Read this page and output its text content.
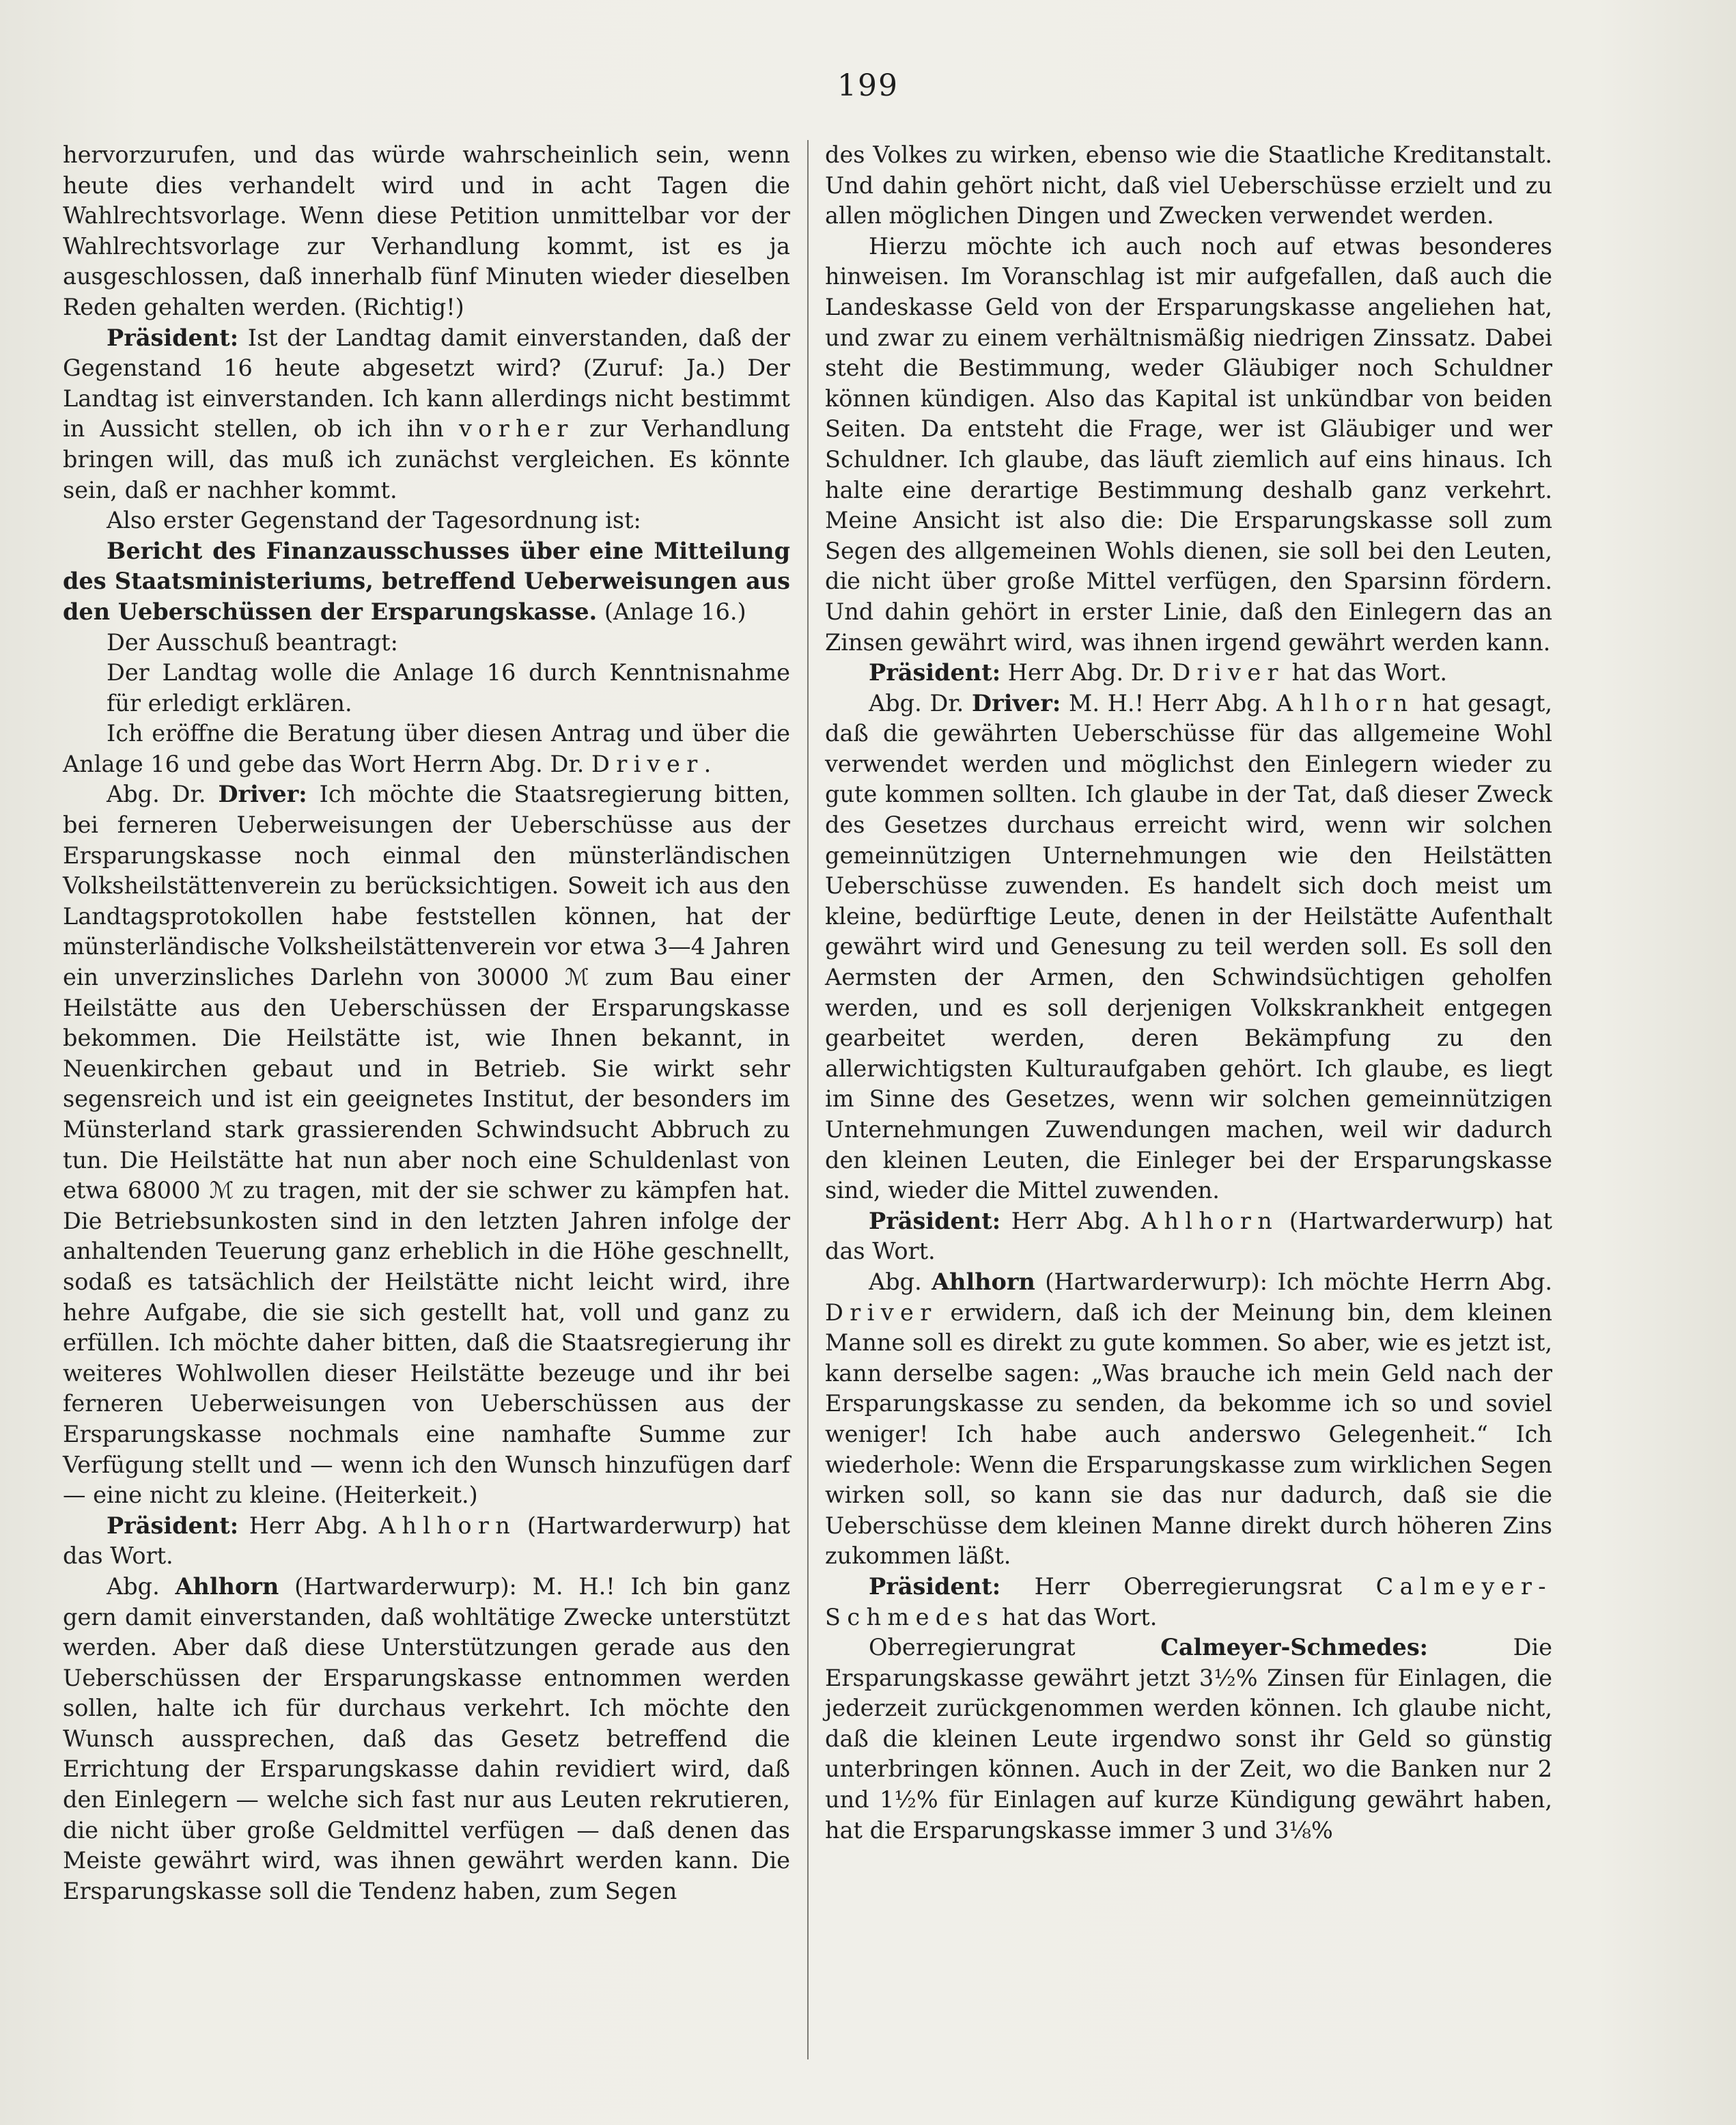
199

hervorzurufen, und das würde wahrscheinlich sein, wenn heute dies verhandelt wird und in acht Tagen die Wahlrechtsvorlage. Wenn diese Petition unmittelbar vor der Wahlrechtsvorlage zur Verhandlung kommt, ist es ja ausgeschlossen, daß innerhalb fünf Minuten wieder dieselben Reden gehalten werden. (Richtig!)

Präsident: Ist der Landtag damit einverstanden, daß der Gegenstand 16 heute abgesetzt wird? (Zuruf: Ja.) Der Landtag ist einverstanden. Ich kann allerdings nicht bestimmt in Aussicht stellen, ob ich ihn vorher zur Verhandlung bringen will, das muß ich zunächst vergleichen. Es könnte sein, daß er nachher kommt.

Also erster Gegenstand der Tagesordnung ist:

Bericht des Finanzausschusses über eine Mitteilung des Staatsministeriums, betreffend Ueberweisungen aus den Ueberschüssen der Ersparungskasse. (Anlage 16.)

Der Ausschuß beantragt:

Der Landtag wolle die Anlage 16 durch Kenntnisnahme für erledigt erklären.

Ich eröffne die Beratung über diesen Antrag und über die Anlage 16 und gebe das Wort Herrn Abg. Dr. Driver.

Abg. Dr. Driver: Ich möchte die Staatsregierung bitten, bei ferneren Ueberweisungen der Ueberschüsse aus der Ersparungskasse noch einmal den münsterländischen Volksheilstättenverein zu berücksichtigen. Soweit ich aus den Landtagsprotokollen habe feststellen können, hat der münsterländische Volksheilstättenverein vor etwa 3—4 Jahren ein unverzinsliches Darlehn von 30000 ℳ zum Bau einer Heilstätte aus den Ueberschüssen der Ersparungskasse bekommen. Die Heilstätte ist, wie Ihnen bekannt, in Neuenkirchen gebaut und in Betrieb. Sie wirkt sehr segensreich und ist ein geeignetes Institut, der besonders im Münsterland stark grassierenden Schwindsucht Abbruch zu tun. Die Heilstätte hat nun aber noch eine Schuldenlast von etwa 68000 ℳ zu tragen, mit der sie schwer zu kämpfen hat. Die Betriebsunkosten sind in den letzten Jahren infolge der anhaltenden Teuerung ganz erheblich in die Höhe geschnellt, sodaß es tatsächlich der Heilstätte nicht leicht wird, ihre hehre Aufgabe, die sie sich gestellt hat, voll und ganz zu erfüllen. Ich möchte daher bitten, daß die Staatsregierung ihr weiteres Wohlwollen dieser Heilstätte bezeuge und ihr bei ferneren Ueberweisungen von Ueberschüssen aus der Ersparungskasse nochmals eine namhafte Summe zur Verfügung stellt und — wenn ich den Wunsch hinzufügen darf — eine nicht zu kleine. (Heiterkeit.)

Präsident: Herr Abg. Ahlhorn (Hartwarderwurp) hat das Wort.

Abg. Ahlhorn (Hartwarderwurp): M. H.! Ich bin ganz gern damit einverstanden, daß wohltätige Zwecke unterstützt werden. Aber daß diese Unterstützungen gerade aus den Ueberschüssen der Ersparungskasse entnommen werden sollen, halte ich für durchaus verkehrt. Ich möchte den Wunsch aussprechen, daß das Gesetz betreffend die Errichtung der Ersparungskasse dahin revidiert wird, daß den Einlegern — welche sich fast nur aus Leuten rekrutieren, die nicht über große Geldmittel verfügen — daß denen das Meiste gewährt wird, was ihnen gewährt werden kann. Die Ersparungskasse soll die Tendenz haben, zum Segen

des Volkes zu wirken, ebenso wie die Staatliche Kreditanstalt. Und dahin gehört nicht, daß viel Ueberschüsse erzielt und zu allen möglichen Dingen und Zwecken verwendet werden.

Hierzu möchte ich auch noch auf etwas besonderes hinweisen. Im Voranschlag ist mir aufgefallen, daß auch die Landeskasse Geld von der Ersparungskasse angeliehen hat, und zwar zu einem verhältnismäßig niedrigen Zinssatz. Dabei steht die Bestimmung, weder Gläubiger noch Schuldner können kündigen. Also das Kapital ist unkündbar von beiden Seiten. Da entsteht die Frage, wer ist Gläubiger und wer Schuldner. Ich glaube, das läuft ziemlich auf eins hinaus. Ich halte eine derartige Bestimmung deshalb ganz verkehrt. Meine Ansicht ist also die: Die Ersparungskasse soll zum Segen des allgemeinen Wohls dienen, sie soll bei den Leuten, die nicht über große Mittel verfügen, den Sparsinn fördern. Und dahin gehört in erster Linie, daß den Einlegern das an Zinsen gewährt wird, was ihnen irgend gewährt werden kann.

Präsident: Herr Abg. Dr. Driver hat das Wort.

Abg. Dr. Driver: M. H.! Herr Abg. Ahlhorn hat gesagt, daß die gewährten Ueberschüsse für das allgemeine Wohl verwendet werden und möglichst den Einlegern wieder zu gute kommen sollten. Ich glaube in der Tat, daß dieser Zweck des Gesetzes durchaus erreicht wird, wenn wir solchen gemeinnützigen Unternehmungen wie den Heilstätten Ueberschüsse zuwenden. Es handelt sich doch meist um kleine, bedürftige Leute, denen in der Heilstätte Aufenthalt gewährt wird und Genesung zu teil werden soll. Es soll den Aermsten der Armen, den Schwindsüchtigen geholfen werden, und es soll derjenigen Volkskrankheit entgegen gearbeitet werden, deren Bekämpfung zu den allerwichtigsten Kulturaufgaben gehört. Ich glaube, es liegt im Sinne des Gesetzes, wenn wir solchen gemeinnützigen Unternehmungen Zuwendungen machen, weil wir dadurch den kleinen Leuten, die Einleger bei der Ersparungskasse sind, wieder die Mittel zuwenden.

Präsident: Herr Abg. Ahlhorn (Hartwarderwurp) hat das Wort.

Abg. Ahlhorn (Hartwarderwurp): Ich möchte Herrn Abg. Driver erwidern, daß ich der Meinung bin, dem kleinen Manne soll es direkt zu gute kommen. So aber, wie es jetzt ist, kann derselbe sagen: „Was brauche ich mein Geld nach der Ersparungskasse zu senden, da bekomme ich so und soviel weniger! Ich habe auch anderswo Gelegenheit.“ Ich wiederhole: Wenn die Ersparungskasse zum wirklichen Segen wirken soll, so kann sie das nur dadurch, daß sie die Ueberschüsse dem kleinen Manne direkt durch höheren Zins zukommen läßt.

Präsident: Herr Oberregierungsrat Calmeyer-Schmedes hat das Wort.

Oberregierungrat Calmeyer-Schmedes: Die Ersparungskasse gewährt jetzt 3½% Zinsen für Einlagen, die jederzeit zurückgenommen werden können. Ich glaube nicht, daß die kleinen Leute irgendwo sonst ihr Geld so günstig unterbringen können. Auch in der Zeit, wo die Banken nur 2 und 1½% für Einlagen auf kurze Kündigung gewährt haben, hat die Ersparungskasse immer 3 und 3⅛%
